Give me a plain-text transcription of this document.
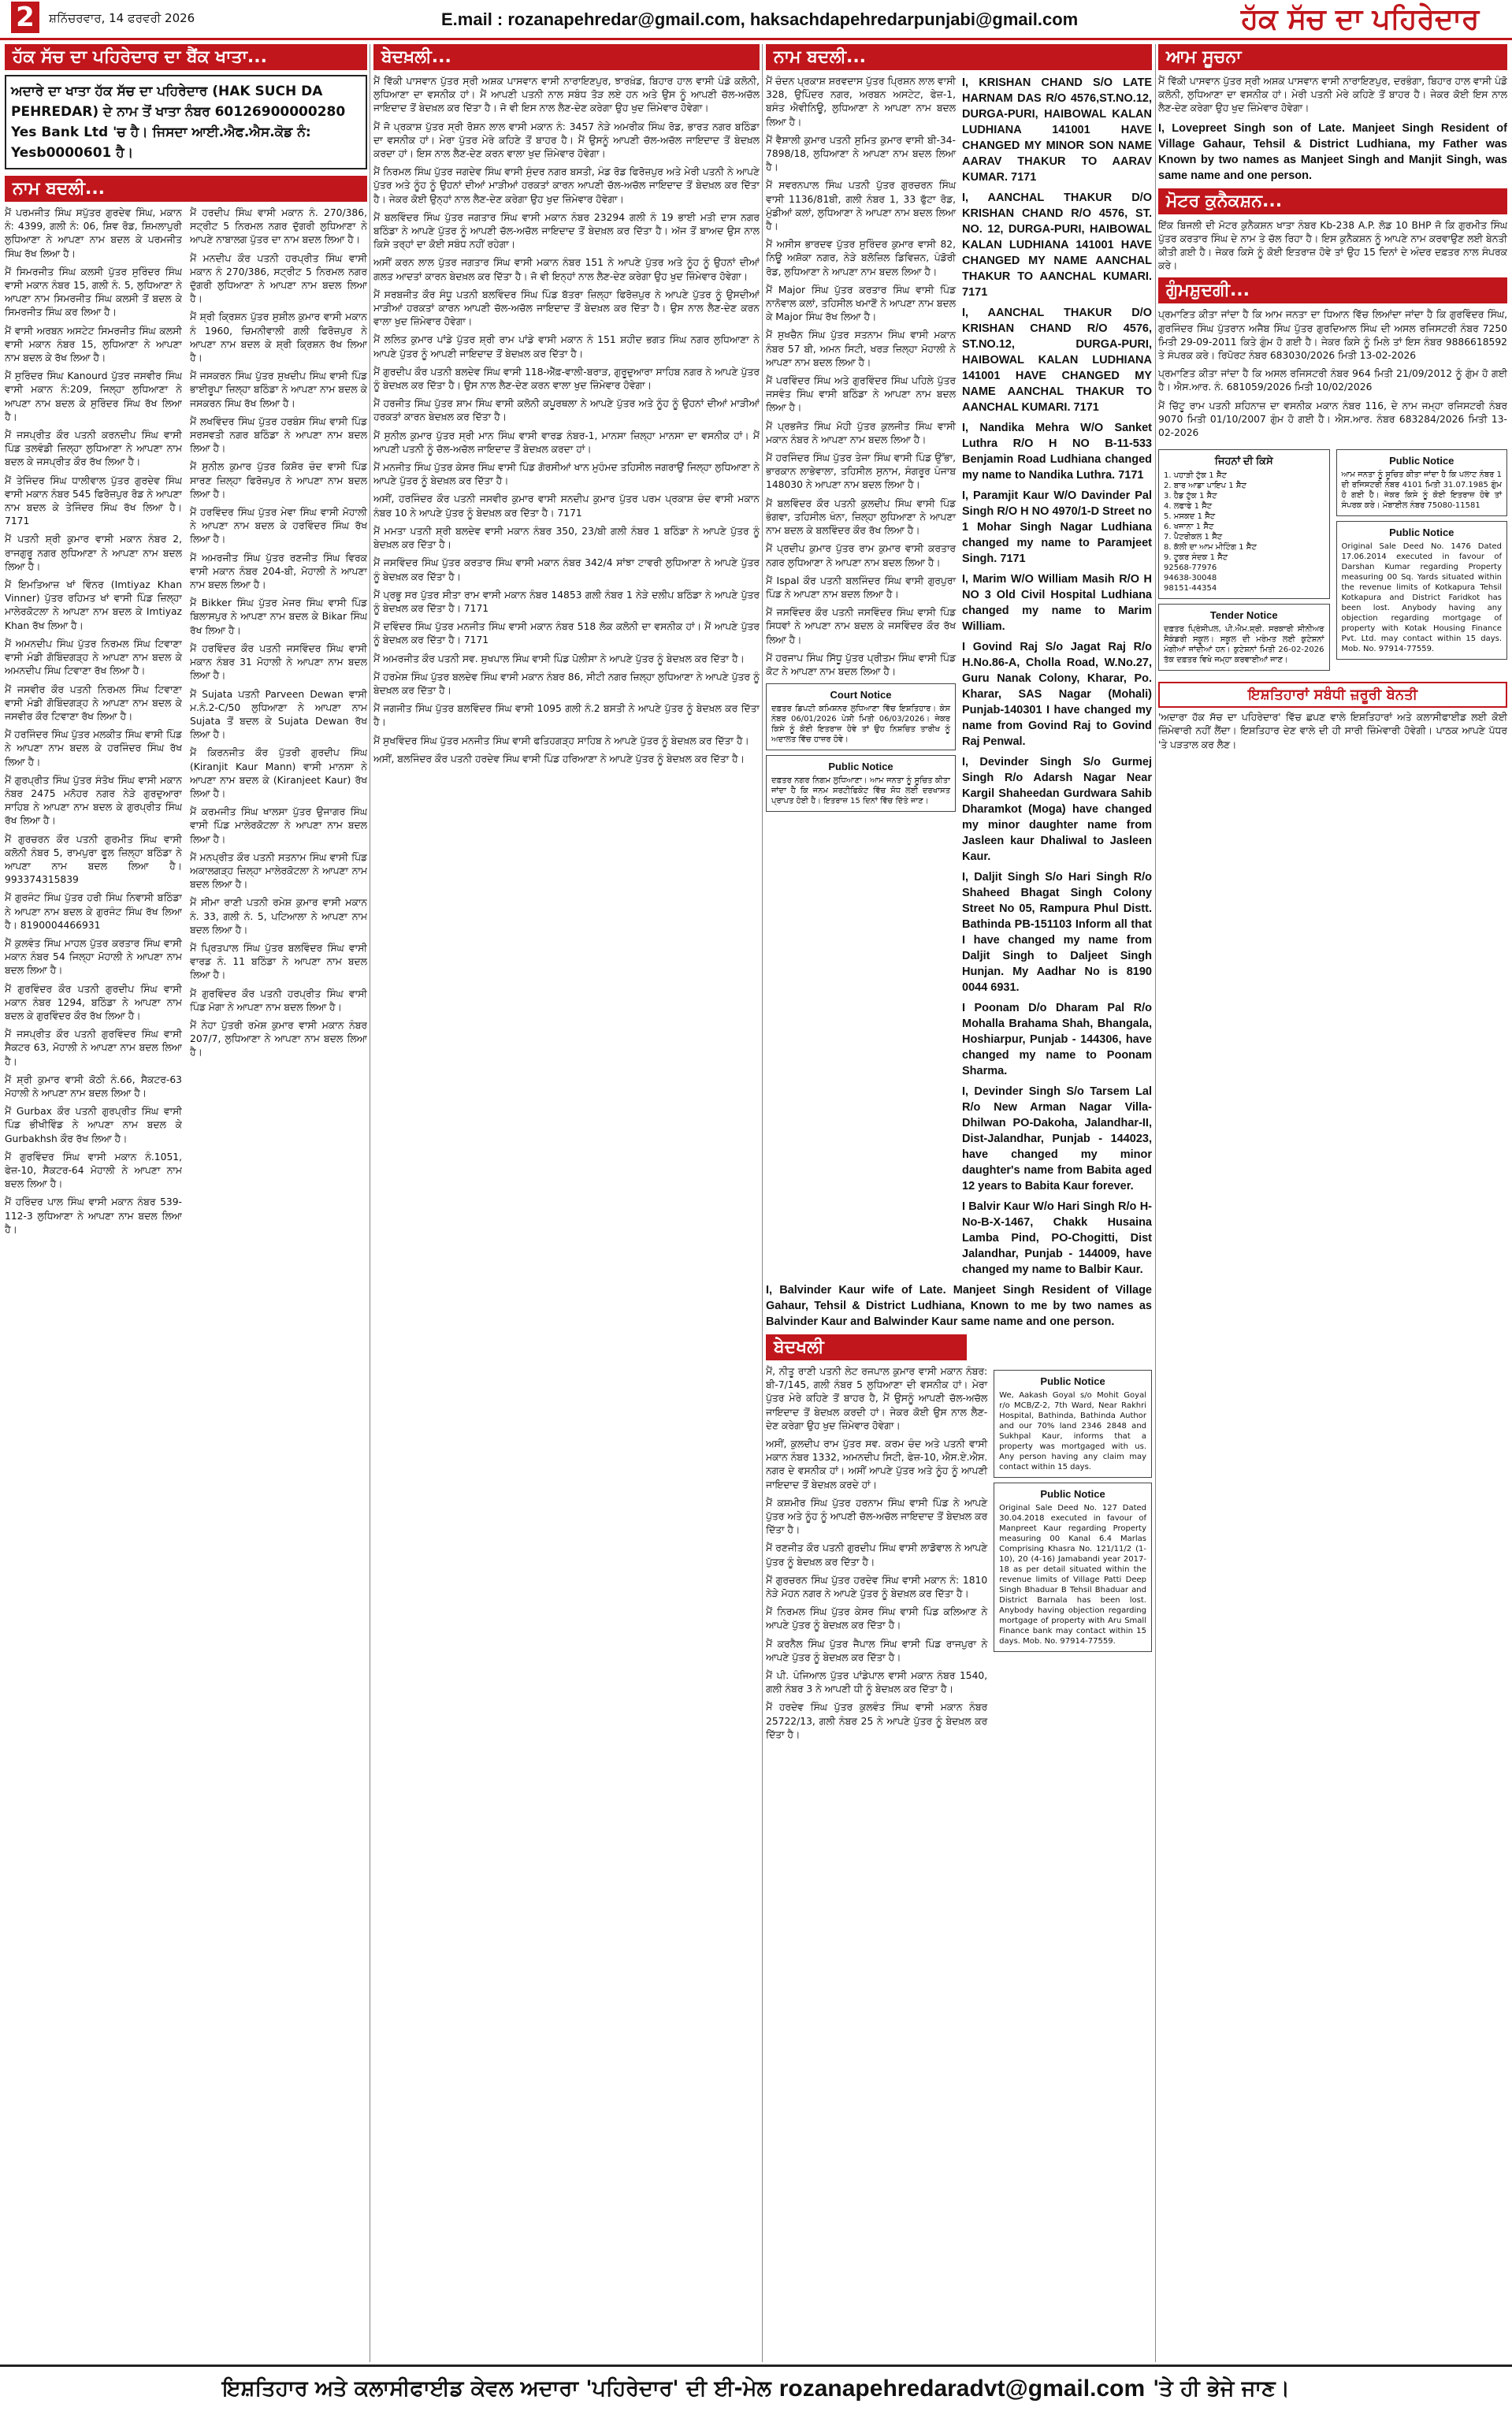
2	ਸ਼ਨਿੱਚਰਵਾਰ, 14 ਫਰਵਰੀ 2026	E.mail : rozanapehredar@gmail.com, haksachdapehredarpunjabi@gmail.com	ਹੱਕ ਸੱਚ ਦਾ ਪਹਿਰੇਦਾਰ
ਹੱਕ ਸੱਚ ਦਾ ਪਹਿਰੇਦਾਰ ਦਾ ਬੈਂਕ ਖਾਤਾ...
ਅਦਾਰੇ ਦਾ ਖਾਤਾ ਹੱਕ ਸੱਚ ਦਾ ਪਹਿਰੇਦਾਰ (HAK SUCH DA PEHREDAR) ਦੇ ਨਾਮ ਤੋਂ ਖਾਤਾ ਨੰਬਰ 60126900000280 Yes Bank Ltd 'ਚ ਹੈ। ਜਿਸਦਾ ਆਈ.ਐਫ.ਐਸ.ਕੋਡ ਨੰ: Yesb0000601 ਹੈ।
ਨਾਮ ਬਦਲੀ...

ਮੈਂ ਪਰਮਜੀਤ ਸਿੰਘ ਸਪੁੱਤਰ ਗੁਰਦੇਵ ਸਿੰਘ, ਮਕਾਨ ਨੰ: 4399, ਗਲੀ ਨੰ: 06, ਸ਼ਿਵ ਰੋਡ, ਸ਼ਿਮਲਾਪੁਰੀ ਲੁਧਿਆਣਾ ਨੇ ਆਪਣਾ ਨਾਮ ਬਦਲ ਕੇ ਪਰਮਜੀਤ ਸਿੰਘ ਰੱਖ ਲਿਆ ਹੈ।

ਮੈਂ ਸਿਮਰਜੀਤ ਸਿੰਘ ਕਲਸੀ ਪੁੱਤਰ ਸੁਰਿੰਦਰ ਸਿੰਘ ਵਾਸੀ ਮਕਾਨ ਨੰਬਰ 15, ਗਲੀ ਨੰ. 5, ਲੁਧਿਆਣਾ ਨੇ ਆਪਣਾ ਨਾਮ ਸਿਮਰਜੀਤ ਸਿੰਘ ਕਲਸੀ ਤੋਂ ਬਦਲ ਕੇ ਸਿਮਰਜੀਤ ਸਿੰਘ ਕਰ ਲਿਆ ਹੈ।

ਮੈਂ ਵਾਸੀ ਅਰਬਨ ਅਸਟੇਟ ਸਿਮਰਜੀਤ ਸਿੰਘ ਕਲਸੀ ਵਾਸੀ ਮਕਾਨ ਨੰਬਰ 15, ਲੁਧਿਆਣਾ ਨੇ ਆਪਣਾ ਨਾਮ ਬਦਲ ਕੇ ਰੱਖ ਲਿਆ ਹੈ।

ਮੈਂ ਸੁਰਿੰਦਰ ਸਿੰਘ Kanourd ਪੁੱਤਰ ਜਸਵੀਰ ਸਿੰਘ ਵਾਸੀ ਮਕਾਨ ਨੰ:209, ਜਿਲ੍ਹਾ ਲੁਧਿਆਣਾ ਨੇ ਆਪਣਾ ਨਾਮ ਬਦਲ ਕੇ ਸੁਰਿੰਦਰ ਸਿੰਘ ਰੱਖ ਲਿਆ ਹੈ।

ਮੈਂ ਜਸਪ੍ਰੀਤ ਕੌਰ ਪਤਨੀ ਕਰਨਦੀਪ ਸਿੰਘ ਵਾਸੀ ਪਿੰਡ ਤਲਵੰਡੀ ਜ਼ਿਲ੍ਹਾ ਲੁਧਿਆਣਾ ਨੇ ਆਪਣਾ ਨਾਮ ਬਦਲ ਕੇ ਜਸਪ੍ਰੀਤ ਕੌਰ ਰੱਖ ਲਿਆ ਹੈ।

ਮੈਂ ਤੇਜਿੰਦਰ ਸਿੰਘ ਧਾਲੀਵਾਲ ਪੁੱਤਰ ਗੁਰਦੇਵ ਸਿੰਘ ਵਾਸੀ ਮਕਾਨ ਨੰਬਰ 545 ਫਿਰੋਜ਼ਪੁਰ ਰੋਡ ਨੇ ਆਪਣਾ ਨਾਮ ਬਦਲ ਕੇ ਤੇਜਿੰਦਰ ਸਿੰਘ ਰੱਖ ਲਿਆ ਹੈ। 7171

ਮੈਂ ਪਤਨੀ ਸ਼੍ਰੀ ਕੁਮਾਰ ਵਾਸੀ ਮਕਾਨ ਨੰਬਰ 2, ਰਾਜਗੁਰੂ ਨਗਰ ਲੁਧਿਆਣਾ ਨੇ ਆਪਣਾ ਨਾਮ ਬਦਲ ਲਿਆ ਹੈ।

ਮੈਂ ਇਮਤਿਆਜ਼ ਖਾਂ ਵਿੰਨਰ (Imtiyaz Khan Vinner) ਪੁੱਤਰ ਰਹਿਮਤ ਖਾਂ ਵਾਸੀ ਪਿੰਡ ਜ਼ਿਲ੍ਹਾ ਮਾਲੇਰਕੋਟਲਾ ਨੇ ਆਪਣਾ ਨਾਮ ਬਦਲ ਕੇ Imtiyaz Khan ਰੱਖ ਲਿਆ ਹੈ।

ਮੈਂ ਅਮਨਦੀਪ ਸਿੰਘ ਪੁੱਤਰ ਨਿਰਮਲ ਸਿੰਘ ਟਿਵਾਣਾ ਵਾਸੀ ਮੰਡੀ ਗੋਬਿੰਦਗੜ੍ਹ ਨੇ ਆਪਣਾ ਨਾਮ ਬਦਲ ਕੇ ਅਮਨਦੀਪ ਸਿੰਘ ਟਿਵਾਣਾ ਰੱਖ ਲਿਆ ਹੈ।

ਮੈਂ ਜਸਵੀਰ ਕੌਰ ਪਤਨੀ ਨਿਰਮਲ ਸਿੰਘ ਟਿਵਾਣਾ ਵਾਸੀ ਮੰਡੀ ਗੋਬਿੰਦਗੜ੍ਹ ਨੇ ਆਪਣਾ ਨਾਮ ਬਦਲ ਕੇ ਜਸਵੀਰ ਕੌਰ ਟਿਵਾਣਾ ਰੱਖ ਲਿਆ ਹੈ।

ਮੈਂ ਹਰਜਿੰਦਰ ਸਿੰਘ ਪੁੱਤਰ ਮਲਕੀਤ ਸਿੰਘ ਵਾਸੀ ਪਿੰਡ ਨੇ ਆਪਣਾ ਨਾਮ ਬਦਲ ਕੇ ਹਰਜਿੰਦਰ ਸਿੰਘ ਰੱਖ ਲਿਆ ਹੈ।

ਮੈਂ ਗੁਰਪ੍ਰੀਤ ਸਿੰਘ ਪੁੱਤਰ ਸੰਤੋਖ ਸਿੰਘ ਵਾਸੀ ਮਕਾਨ ਨੰਬਰ 2475 ਮਨੋਹਰ ਨਗਰ ਨੇੜੇ ਗੁਰਦੁਆਰਾ ਸਾਹਿਬ ਨੇ ਆਪਣਾ ਨਾਮ ਬਦਲ ਕੇ ਗੁਰਪ੍ਰੀਤ ਸਿੰਘ ਰੱਖ ਲਿਆ ਹੈ।

ਮੈਂ ਗੁਰਚਰਨ ਕੌਰ ਪਤਨੀ ਗੁਰਮੀਤ ਸਿੰਘ ਵਾਸੀ ਕਲੋਨੀ ਨੰਬਰ 5, ਰਾਮਪੁਰਾ ਫੂਲ ਜ਼ਿਲ੍ਹਾ ਬਠਿੰਡਾ ਨੇ ਆਪਣਾ ਨਾਮ ਬਦਲ ਲਿਆ ਹੈ। 993374315839

ਮੈਂ ਗੁਰਜੰਟ ਸਿੰਘ ਪੁੱਤਰ ਹਰੀ ਸਿੰਘ ਨਿਵਾਸੀ ਬਠਿੰਡਾ ਨੇ ਆਪਣਾ ਨਾਮ ਬਦਲ ਕੇ ਗੁਰਜੰਟ ਸਿੰਘ ਰੱਖ ਲਿਆ ਹੈ। 8190004466931

ਮੈਂ ਕੁਲਵੰਤ ਸਿੰਘ ਮਾਹਲ ਪੁੱਤਰ ਕਰਤਾਰ ਸਿੰਘ ਵਾਸੀ ਮਕਾਨ ਨੰਬਰ 54 ਜਿਲ੍ਹਾ ਮੋਹਾਲੀ ਨੇ ਆਪਣਾ ਨਾਮ ਬਦਲ ਲਿਆ ਹੈ।

ਮੈਂ ਗੁਰਵਿੰਦਰ ਕੌਰ ਪਤਨੀ ਗੁਰਦੀਪ ਸਿੰਘ ਵਾਸੀ ਮਕਾਨ ਨੰਬਰ 1294, ਬਠਿੰਡਾ ਨੇ ਆਪਣਾ ਨਾਮ ਬਦਲ ਕੇ ਗੁਰਵਿੰਦਰ ਕੌਰ ਰੱਖ ਲਿਆ ਹੈ।

ਮੈਂ ਜਸਪ੍ਰੀਤ ਕੌਰ ਪਤਨੀ ਗੁਰਵਿੰਦਰ ਸਿੰਘ ਵਾਸੀ ਸੈਕਟਰ 63, ਮੋਹਾਲੀ ਨੇ ਆਪਣਾ ਨਾਮ ਬਦਲ ਲਿਆ ਹੈ।

ਮੈਂ ਸ਼੍ਰੀ ਕੁਮਾਰ ਵਾਸੀ ਕੋਠੀ ਨੰ.66, ਸੈਕਟਰ-63 ਮੋਹਾਲੀ ਨੇ ਆਪਣਾ ਨਾਮ ਬਦਲ ਲਿਆ ਹੈ।

ਮੈਂ Gurbax ਕੌਰ ਪਤਨੀ ਗੁਰਪ੍ਰੀਤ ਸਿੰਘ ਵਾਸੀ ਪਿੰਡ ਭੀਖੀਵਿੰਡ ਨੇ ਆਪਣਾ ਨਾਮ ਬਦਲ ਕੇ Gurbakhsh ਕੌਰ ਰੱਖ ਲਿਆ ਹੈ।

ਮੈਂ ਗੁਰਵਿੰਦਰ ਸਿੰਘ ਵਾਸੀ ਮਕਾਨ ਨੰ.1051, ਫੇਜ਼-10, ਸੈਕਟਰ-64 ਮੋਹਾਲੀ ਨੇ ਆਪਣਾ ਨਾਮ ਬਦਲ ਲਿਆ ਹੈ।

ਮੈਂ ਹਰਿੰਦਰ ਪਾਲ ਸਿੰਘ ਵਾਸੀ ਮਕਾਨ ਨੰਬਰ 539-112-3 ਲੁਧਿਆਣਾ ਨੇ ਆਪਣਾ ਨਾਮ ਬਦਲ ਲਿਆ ਹੈ।

ਮੈਂ ਹਰਦੀਪ ਸਿੰਘ ਵਾਸੀ ਮਕਾਨ ਨੰ. 270/386, ਸਟ੍ਰੀਟ 5 ਨਿਰਮਲ ਨਗਰ ਦੁੱਗਰੀ ਲੁਧਿਆਣਾ ਨੇ ਆਪਣੇ ਨਾਬਾਲਗ ਪੁੱਤਰ ਦਾ ਨਾਮ ਬਦਲ ਲਿਆ ਹੈ।

ਮੈਂ ਮਨਦੀਪ ਕੌਰ ਪਤਨੀ ਹਰਪ੍ਰੀਤ ਸਿੰਘ ਵਾਸੀ ਮਕਾਨ ਨੰ 270/386, ਸਟ੍ਰੀਟ 5 ਨਿਰਮਲ ਨਗਰ ਦੁੱਗਰੀ ਲੁਧਿਆਣਾ ਨੇ ਆਪਣਾ ਨਾਮ ਬਦਲ ਲਿਆ ਹੈ।

ਮੈਂ ਸ਼੍ਰੀ ਕ੍ਰਿਸ਼ਨ ਪੁੱਤਰ ਸੁਸ਼ੀਲ ਕੁਮਾਰ ਵਾਸੀ ਮਕਾਨ ਨੰ 1960, ਚਿਮਨੀਵਾਲੀ ਗਲੀ ਫਿਰੋਜ਼ਪੁਰ ਨੇ ਆਪਣਾ ਨਾਮ ਬਦਲ ਕੇ ਸ਼੍ਰੀ ਕ੍ਰਿਸ਼ਨ ਰੱਖ ਲਿਆ ਹੈ।

ਮੈਂ ਜਸਕਰਨ ਸਿੰਘ ਪੁੱਤਰ ਸੁਖਦੀਪ ਸਿੰਘ ਵਾਸੀ ਪਿੰਡ ਭਾਈਰੂਪਾ ਜ਼ਿਲ੍ਹਾ ਬਠਿੰਡਾ ਨੇ ਆਪਣਾ ਨਾਮ ਬਦਲ ਕੇ ਜਸਕਰਨ ਸਿੰਘ ਰੱਖ ਲਿਆ ਹੈ।

ਮੈਂ ਲਖਵਿੰਦਰ ਸਿੰਘ ਪੁੱਤਰ ਹਰਬੰਸ ਸਿੰਘ ਵਾਸੀ ਪਿੰਡ ਸਰਸਵਤੀ ਨਗਰ ਬਠਿੰਡਾ ਨੇ ਆਪਣਾ ਨਾਮ ਬਦਲ ਲਿਆ ਹੈ।

ਮੈਂ ਸੁਨੀਲ ਕੁਮਾਰ ਪੁੱਤਰ ਕਿਸ਼ੋਰ ਚੰਦ ਵਾਸੀ ਪਿੰਡ ਸਾਰਣ ਜ਼ਿਲ੍ਹਾ ਫਿਰੋਜ਼ਪੁਰ ਨੇ ਆਪਣਾ ਨਾਮ ਬਦਲ ਲਿਆ ਹੈ।

ਮੈਂ ਹਰਵਿੰਦਰ ਸਿੰਘ ਪੁੱਤਰ ਮੇਵਾ ਸਿੰਘ ਵਾਸੀ ਮੋਹਾਲੀ ਨੇ ਆਪਣਾ ਨਾਮ ਬਦਲ ਕੇ ਹਰਵਿੰਦਰ ਸਿੰਘ ਰੱਖ ਲਿਆ ਹੈ।

ਮੈਂ ਅਮਰਜੀਤ ਸਿੰਘ ਪੁੱਤਰ ਰਣਜੀਤ ਸਿੰਘ ਵਿਰਕ ਵਾਸੀ ਮਕਾਨ ਨੰਬਰ 204-ਬੀ, ਮੋਹਾਲੀ ਨੇ ਆਪਣਾ ਨਾਮ ਬਦਲ ਲਿਆ ਹੈ।

ਮੈਂ Bikker ਸਿੰਘ ਪੁੱਤਰ ਮੇਜਰ ਸਿੰਘ ਵਾਸੀ ਪਿੰਡ ਬਿਲਾਸਪੁਰ ਨੇ ਆਪਣਾ ਨਾਮ ਬਦਲ ਕੇ Bikar ਸਿੰਘ ਰੱਖ ਲਿਆ ਹੈ।

ਮੈਂ ਹਰਵਿੰਦਰ ਕੌਰ ਪਤਨੀ ਜਸਵਿੰਦਰ ਸਿੰਘ ਵਾਸੀ ਮਕਾਨ ਨੰਬਰ 31 ਮੋਹਾਲੀ ਨੇ ਆਪਣਾ ਨਾਮ ਬਦਲ ਲਿਆ ਹੈ।

ਮੈਂ Sujata ਪਤਨੀ Parveen Dewan ਵਾਸੀ ਮ.ਨੰ.2-C/50 ਲੁਧਿਆਣਾ ਨੇ ਆਪਣਾ ਨਾਮ Sujata ਤੋਂ ਬਦਲ ਕੇ Sujata Dewan ਰੱਖ ਲਿਆ ਹੈ।

ਮੈਂ ਕਿਰਨਜੀਤ ਕੌਰ ਪੁੱਤਰੀ ਗੁਰਦੀਪ ਸਿੰਘ (Kiranjit Kaur Mann) ਵਾਸੀ ਮਾਨਸਾ ਨੇ ਆਪਣਾ ਨਾਮ ਬਦਲ ਕੇ (Kiranjeet Kaur) ਰੱਖ ਲਿਆ ਹੈ।

ਮੈਂ ਕਰਮਜੀਤ ਸਿੰਘ ਖਾਲਸਾ ਪੁੱਤਰ ਉਜਾਗਰ ਸਿੰਘ ਵਾਸੀ ਪਿੰਡ ਮਾਲੇਰਕੋਟਲਾ ਨੇ ਆਪਣਾ ਨਾਮ ਬਦਲ ਲਿਆ ਹੈ।

ਮੈਂ ਮਨਪ੍ਰੀਤ ਕੌਰ ਪਤਨੀ ਸਤਨਾਮ ਸਿੰਘ ਵਾਸੀ ਪਿੰਡ ਅਕਾਲਗੜ੍ਹ ਜ਼ਿਲ੍ਹਾ ਮਾਲੇਰਕੋਟਲਾ ਨੇ ਆਪਣਾ ਨਾਮ ਬਦਲ ਲਿਆ ਹੈ।

ਮੈਂ ਸੀਮਾ ਰਾਣੀ ਪਤਨੀ ਰਮੇਸ਼ ਕੁਮਾਰ ਵਾਸੀ ਮਕਾਨ ਨੰ. 33, ਗਲੀ ਨੰ. 5, ਪਟਿਆਲਾ ਨੇ ਆਪਣਾ ਨਾਮ ਬਦਲ ਲਿਆ ਹੈ।

ਮੈਂ ਪ੍ਰਿਤਪਾਲ ਸਿੰਘ ਪੁੱਤਰ ਬਲਵਿੰਦਰ ਸਿੰਘ ਵਾਸੀ ਵਾਰਡ ਨੰ. 11 ਬਠਿੰਡਾ ਨੇ ਆਪਣਾ ਨਾਮ ਬਦਲ ਲਿਆ ਹੈ।

ਮੈਂ ਗੁਰਵਿੰਦਰ ਕੌਰ ਪਤਨੀ ਹਰਪ੍ਰੀਤ ਸਿੰਘ ਵਾਸੀ ਪਿੰਡ ਮੋਗਾ ਨੇ ਆਪਣਾ ਨਾਮ ਬਦਲ ਲਿਆ ਹੈ।

ਮੈਂ ਨੇਹਾ ਪੁੱਤਰੀ ਰਮੇਸ਼ ਕੁਮਾਰ ਵਾਸੀ ਮਕਾਨ ਨੰਬਰ 207/7, ਲੁਧਿਆਣਾ ਨੇ ਆਪਣਾ ਨਾਮ ਬਦਲ ਲਿਆ ਹੈ।

ਬੇਦਖ਼ਲੀ...

ਮੈਂ ਵਿੱਕੀ ਪਾਸਵਾਨ ਪੁੱਤਰ ਸ੍ਰੀ ਅਸ਼ਕ ਪਾਸਵਾਨ ਵਾਸੀ ਨਾਰਾਇਣਪੁਰ, ਝਾਰਖ਼ੰਡ, ਬਿਹਾਰ ਹਾਲ ਵਾਸੀ ਪੰਡੋ ਕਲੋਨੀ, ਲੁਧਿਆਣਾ ਦਾ ਵਸਨੀਕ ਹਾਂ। ਮੈਂ ਆਪਣੀ ਪਤਨੀ ਨਾਲ ਸਬੰਧ ਤੋੜ ਲਏ ਹਨ ਅਤੇ ਉਸ ਨੂੰ ਆਪਣੀ ਚੱਲ-ਅਚੱਲ ਜਾਇਦਾਦ ਤੋਂ ਬੇਦਖ਼ਲ ਕਰ ਦਿੱਤਾ ਹੈ। ਜੋ ਵੀ ਇਸ ਨਾਲ ਲੈਣ-ਦੇਣ ਕਰੇਗਾ ਉਹ ਖੁਦ ਜ਼ਿੰਮੇਵਾਰ ਹੋਵੇਗਾ।

ਮੈਂ ਜੋ ਪ੍ਰਕਾਸ਼ ਪੁੱਤਰ ਸ੍ਰੀ ਰੋਸ਼ਨ ਲਾਲ ਵਾਸੀ ਮਕਾਨ ਨੰ: 3457 ਨੇੜੇ ਅਮਰੀਕ ਸਿੰਘ ਰੋਡ, ਭਾਰਤ ਨਗਰ ਬਠਿੰਡਾ ਦਾ ਵਸਨੀਕ ਹਾਂ। ਮੇਰਾ ਪੁੱਤਰ ਮੇਰੇ ਕਹਿਣੇ ਤੋਂ ਬਾਹਰ ਹੈ। ਮੈਂ ਉਸਨੂੰ ਆਪਣੀ ਚੱਲ-ਅਚੱਲ ਜਾਇਦਾਦ ਤੋਂ ਬੇਦਖ਼ਲ ਕਰਦਾ ਹਾਂ। ਇਸ ਨਾਲ ਲੈਣ-ਦੇਣ ਕਰਨ ਵਾਲਾ ਖੁਦ ਜ਼ਿੰਮੇਵਾਰ ਹੋਵੇਗਾ।

ਮੈਂ ਨਿਰਮਲ ਸਿੰਘ ਪੁੱਤਰ ਜਗਦੇਵ ਸਿੰਘ ਵਾਸੀ ਸੁੰਦਰ ਨਗਰ ਬਸਤੀ, ਮੰਡ ਰੋਡ ਫਿਰੋਜ਼ਪੁਰ ਅਤੇ ਮੇਰੀ ਪਤਨੀ ਨੇ ਆਪਣੇ ਪੁੱਤਰ ਅਤੇ ਨੂੰਹ ਨੂੰ ਉਹਨਾਂ ਦੀਆਂ ਮਾੜੀਆਂ ਹਰਕਤਾਂ ਕਾਰਨ ਆਪਣੀ ਚੱਲ-ਅਚੱਲ ਜਾਇਦਾਦ ਤੋਂ ਬੇਦਖ਼ਲ ਕਰ ਦਿੱਤਾ ਹੈ। ਜੇਕਰ ਕੋਈ ਉਨ੍ਹਾਂ ਨਾਲ ਲੈਣ-ਦੇਣ ਕਰੇਗਾ ਉਹ ਖੁਦ ਜ਼ਿੰਮੇਵਾਰ ਹੋਵੇਗਾ।

ਮੈਂ ਬਲਵਿੰਦਰ ਸਿੰਘ ਪੁੱਤਰ ਜਗਤਾਰ ਸਿੰਘ ਵਾਸੀ ਮਕਾਨ ਨੰਬਰ 23294 ਗਲੀ ਨੰ 19 ਭਾਈ ਮਤੀ ਦਾਸ ਨਗਰ ਬਠਿੰਡਾ ਨੇ ਆਪਣੇ ਪੁੱਤਰ ਨੂੰ ਆਪਣੀ ਚੱਲ-ਅਚੱਲ ਜਾਇਦਾਦ ਤੋਂ ਬੇਦਖ਼ਲ ਕਰ ਦਿੱਤਾ ਹੈ। ਅੱਜ ਤੋਂ ਬਾਅਦ ਉਸ ਨਾਲ ਕਿਸੇ ਤਰ੍ਹਾਂ ਦਾ ਕੋਈ ਸਬੰਧ ਨਹੀਂ ਰਹੇਗਾ।

ਅਸੀਂ ਕਰਨ ਲਾਲ ਪੁੱਤਰ ਜਗਤਾਰ ਸਿੰਘ ਵਾਸੀ ਮਕਾਨ ਨੰਬਰ 151 ਨੇ ਆਪਣੇ ਪੁੱਤਰ ਅਤੇ ਨੂੰਹ ਨੂੰ ਉਹਨਾਂ ਦੀਆਂ ਗਲਤ ਆਦਤਾਂ ਕਾਰਨ ਬੇਦਖ਼ਲ ਕਰ ਦਿੱਤਾ ਹੈ। ਜੋ ਵੀ ਇਨ੍ਹਾਂ ਨਾਲ ਲੈਣ-ਦੇਣ ਕਰੇਗਾ ਉਹ ਖੁਦ ਜ਼ਿੰਮੇਵਾਰ ਹੋਵੇਗਾ।

ਮੈਂ ਸਰਬਜੀਤ ਕੌਰ ਸੰਧੂ ਪਤਨੀ ਬਲਵਿੰਦਰ ਸਿੰਘ ਪਿੰਡ ਬੱਤਰਾ ਜ਼ਿਲ੍ਹਾ ਫਿਰੋਜ਼ਪੁਰ ਨੇ ਆਪਣੇ ਪੁੱਤਰ ਨੂੰ ਉਸਦੀਆਂ ਮਾੜੀਆਂ ਹਰਕਤਾਂ ਕਾਰਨ ਆਪਣੀ ਚੱਲ-ਅਚੱਲ ਜਾਇਦਾਦ ਤੋਂ ਬੇਦਖ਼ਲ ਕਰ ਦਿੱਤਾ ਹੈ। ਉਸ ਨਾਲ ਲੈਣ-ਦੇਣ ਕਰਨ ਵਾਲਾ ਖੁਦ ਜ਼ਿੰਮੇਵਾਰ ਹੋਵੇਗਾ।

ਮੈਂ ਲਲਿਤ ਕੁਮਾਰ ਪਾਂਡੇ ਪੁੱਤਰ ਸ਼੍ਰੀ ਰਾਮ ਪਾਂਡੇ ਵਾਸੀ ਮਕਾਨ ਨੰ 151 ਸ਼ਹੀਦ ਭਗਤ ਸਿੰਘ ਨਗਰ ਲੁਧਿਆਣਾ ਨੇ ਆਪਣੇ ਪੁੱਤਰ ਨੂੰ ਆਪਣੀ ਜਾਇਦਾਦ ਤੋਂ ਬੇਦਖ਼ਲ ਕਰ ਦਿੱਤਾ ਹੈ।

ਮੈਂ ਗੁਰਦੀਪ ਕੌਰ ਪਤਨੀ ਬਲਦੇਵ ਸਿੰਘ ਵਾਸੀ 118-ਐੱਫ਼-ਵਾਲੀ-ਬਰਾੜ, ਗੁਰੂਦੁਆਰਾ ਸਾਹਿਬ ਨਗਰ ਨੇ ਆਪਣੇ ਪੁੱਤਰ ਨੂੰ ਬੇਦਖ਼ਲ ਕਰ ਦਿੱਤਾ ਹੈ। ਉਸ ਨਾਲ ਲੈਣ-ਦੇਣ ਕਰਨ ਵਾਲਾ ਖੁਦ ਜ਼ਿੰਮੇਵਾਰ ਹੋਵੇਗਾ।

ਮੈਂ ਹਰਜੀਤ ਸਿੰਘ ਪੁੱਤਰ ਸ਼ਾਮ ਸਿੰਘ ਵਾਸੀ ਕਲੋਨੀ ਕਪੂਰਥਲਾ ਨੇ ਆਪਣੇ ਪੁੱਤਰ ਅਤੇ ਨੂੰਹ ਨੂੰ ਉਹਨਾਂ ਦੀਆਂ ਮਾੜੀਆਂ ਹਰਕਤਾਂ ਕਾਰਨ ਬੇਦਖ਼ਲ ਕਰ ਦਿੱਤਾ ਹੈ।

ਮੈਂ ਸੁਨੀਲ ਕੁਮਾਰ ਪੁੱਤਰ ਸ੍ਰੀ ਮਾਨ ਸਿੰਘ ਵਾਸੀ ਵਾਰਡ ਨੰਬਰ-1, ਮਾਨਸਾ ਜ਼ਿਲ੍ਹਾ ਮਾਨਸਾ ਦਾ ਵਸਨੀਕ ਹਾਂ। ਮੈਂ ਆਪਣੀ ਪਤਨੀ ਨੂੰ ਚੱਲ-ਅਚੱਲ ਜਾਇਦਾਦ ਤੋਂ ਬੇਦਖ਼ਲ ਕਰਦਾ ਹਾਂ।

ਮੈਂ ਮਨਜੀਤ ਸਿੰਘ ਪੁੱਤਰ ਕੇਸਰ ਸਿੰਘ ਵਾਸੀ ਪਿੰਡ ਗੋਰਸੀਆਂ ਖਾਨ ਮੁਹੰਮਦ ਤਹਿਸੀਲ ਜਗਰਾਉਂ ਜਿਲ੍ਹਾ ਲੁਧਿਆਣਾ ਨੇ ਆਪਣੇ ਪੁੱਤਰ ਨੂੰ ਬੇਦਖ਼ਲ ਕਰ ਦਿੱਤਾ ਹੈ।

ਅਸੀਂ, ਹਰਜਿੰਦਰ ਕੌਰ ਪਤਨੀ ਜਸਵੀਰ ਕੁਮਾਰ ਵਾਸੀ ਸਨਦੀਪ ਕੁਮਾਰ ਪੁੱਤਰ ਪਰਮ ਪ੍ਰਕਾਸ਼ ਚੰਦ ਵਾਸੀ ਮਕਾਨ ਨੰਬਰ 10 ਨੇ ਆਪਣੇ ਪੁੱਤਰ ਨੂੰ ਬੇਦਖ਼ਲ ਕਰ ਦਿੱਤਾ ਹੈ। 7171

ਮੈਂ ਮਮਤਾ ਪਤਨੀ ਸ਼੍ਰੀ ਬਲਦੇਵ ਵਾਸੀ ਮਕਾਨ ਨੰਬਰ 350, 23/ਬੀ ਗਲੀ ਨੰਬਰ 1 ਬਠਿੰਡਾ ਨੇ ਆਪਣੇ ਪੁੱਤਰ ਨੂੰ ਬੇਦਖ਼ਲ ਕਰ ਦਿੱਤਾ ਹੈ।

ਮੈਂ ਜਸਵਿੰਦਰ ਸਿੰਘ ਪੁੱਤਰ ਕਰਤਾਰ ਸਿੰਘ ਵਾਸੀ ਮਕਾਨ ਨੰਬਰ 342/4 ਸਾਂਝਾ ਟਾਵਰੀ ਲੁਧਿਆਣਾ ਨੇ ਆਪਣੇ ਪੁੱਤਰ ਨੂੰ ਬੇਦਖ਼ਲ ਕਰ ਦਿੱਤਾ ਹੈ।

ਮੈਂ ਪ੍ਰਭੂ ਸਰ ਪੁੱਤਰ ਸੀਤਾ ਰਾਮ ਵਾਸੀ ਮਕਾਨ ਨੰਬਰ 14853 ਗਲੀ ਨੰਬਰ 1 ਨੇੜੇ ਦਲੀਪ ਬਠਿੰਡਾ ਨੇ ਆਪਣੇ ਪੁੱਤਰ ਨੂੰ ਬੇਦਖ਼ਲ ਕਰ ਦਿੱਤਾ ਹੈ। 7171

ਮੈਂ ਦਵਿੰਦਰ ਸਿੰਘ ਪੁੱਤਰ ਮਨਜੀਤ ਸਿੰਘ ਵਾਸੀ ਮਕਾਨ ਨੰਬਰ 518 ਲੋਕ ਕਲੋਨੀ ਦਾ ਵਸਨੀਕ ਹਾਂ। ਮੈਂ ਆਪਣੇ ਪੁੱਤਰ ਨੂੰ ਬੇਦਖ਼ਲ ਕਰ ਦਿੱਤਾ ਹੈ। 7171

ਮੈਂ ਅਮਰਜੀਤ ਕੌਰ ਪਤਨੀ ਸਵ. ਸੁਖਪਾਲ ਸਿੰਘ ਵਾਸੀ ਪਿੰਡ ਪੋਲੀਸਾ ਨੇ ਆਪਣੇ ਪੁੱਤਰ ਨੂੰ ਬੇਦਖ਼ਲ ਕਰ ਦਿੱਤਾ ਹੈ।

ਮੈਂ ਹਰਮੇਸ਼ ਸਿੰਘ ਪੁੱਤਰ ਬਲਦੇਵ ਸਿੰਘ ਵਾਸੀ ਮਕਾਨ ਨੰਬਰ 86, ਸੀਟੀ ਨਗਰ ਜ਼ਿਲ੍ਹਾ ਲੁਧਿਆਣਾ ਨੇ ਆਪਣੇ ਪੁੱਤਰ ਨੂੰ ਬੇਦਖ਼ਲ ਕਰ ਦਿੱਤਾ ਹੈ।

ਮੈਂ ਜਗਜੀਤ ਸਿੰਘ ਪੁੱਤਰ ਬਲਵਿੰਦਰ ਸਿੰਘ ਵਾਸੀ 1095 ਗਲੀ ਨੰ.2 ਬਸਤੀ ਨੇ ਆਪਣੇ ਪੁੱਤਰ ਨੂੰ ਬੇਦਖ਼ਲ ਕਰ ਦਿੱਤਾ ਹੈ।

ਮੈਂ ਸੁਖਵਿੰਦਰ ਸਿੰਘ ਪੁੱਤਰ ਮਨਜੀਤ ਸਿੰਘ ਵਾਸੀ ਫਤਿਹਗੜ੍ਹ ਸਾਹਿਬ ਨੇ ਆਪਣੇ ਪੁੱਤਰ ਨੂੰ ਬੇਦਖ਼ਲ ਕਰ ਦਿੱਤਾ ਹੈ।

ਅਸੀਂ, ਬਲਜਿੰਦਰ ਕੌਰ ਪਤਨੀ ਹਰਦੇਵ ਸਿੰਘ ਵਾਸੀ ਪਿੰਡ ਹਰਿਆਣਾ ਨੇ ਆਪਣੇ ਪੁੱਤਰ ਨੂੰ ਬੇਦਖ਼ਲ ਕਰ ਦਿੱਤਾ ਹੈ।

ਨਾਮ ਬਦਲੀ...

ਮੈਂ ਚੰਦਨ ਪ੍ਰਕਾਸ਼ ਸ਼ਰਵਦਾਸ ਪੁੱਤਰ ਪ੍ਰਿਸ਼ਨ ਲਾਲ ਵਾਸੀ 328, ਉਪਿੰਦਰ ਨਗਰ, ਅਰਬਨ ਅਸਟੇਟ, ਫੇਜ਼-1, ਬਸੰਤ ਐਵੀਨਿਊ, ਲੁਧਿਆਣਾ ਨੇ ਆਪਣਾ ਨਾਮ ਬਦਲ ਲਿਆ ਹੈ।

ਮੈਂ ਵੈਸ਼ਾਲੀ ਕੁਮਾਰ ਪਤਨੀ ਸੁਮਿਤ ਕੁਮਾਰ ਵਾਸੀ ਬੀ-34-7898/18, ਲੁਧਿਆਣਾ ਨੇ ਆਪਣਾ ਨਾਮ ਬਦਲ ਲਿਆ ਹੈ।

ਮੈਂ ਸਵਰਨਪਾਲ ਸਿੰਘ ਪਤਨੀ ਪੁੱਤਰ ਗੁਰਚਰਨ ਸਿੰਘ ਵਾਸੀ 1136/81ਬੀ, ਗਲੀ ਨੰਬਰ 1, 33 ਫੁੱਟਾ ਰੋਡ, ਮੁੰਡੀਆਂ ਕਲਾਂ, ਲੁਧਿਆਣਾ ਨੇ ਆਪਣਾ ਨਾਮ ਬਦਲ ਲਿਆ ਹੈ।

ਮੈਂ ਅਸੀਸ ਭਾਰਦਵ ਪੁੱਤਰ ਸੁਰਿੰਦਰ ਕੁਮਾਰ ਵਾਸੀ 82, ਨਿਊ ਅਸ਼ੋਕਾ ਨਗਰ, ਨੇੜੇ ਬਲੋਜ਼ਿਲ ਡਿਵਿਜ਼ਨ, ਪੰਡੋਰੀ ਰੋਡ, ਲੁਧਿਆਣਾ ਨੇ ਆਪਣਾ ਨਾਮ ਬਦਲ ਲਿਆ ਹੈ।

ਮੈਂ Major ਸਿੰਘ ਪੁੱਤਰ ਕਰਤਾਰ ਸਿੰਘ ਵਾਸੀ ਪਿੰਡ ਨਾਨੋਵਾਲ ਕਲਾਂ, ਤਹਿਸੀਲ ਖਮਾਣੋਂ ਨੇ ਆਪਣਾ ਨਾਮ ਬਦਲ ਕੇ Major ਸਿੰਘ ਰੱਖ ਲਿਆ ਹੈ।

ਮੈਂ ਸੁਖਚੈਨ ਸਿੰਘ ਪੁੱਤਰ ਸਤਨਾਮ ਸਿੰਘ ਵਾਸੀ ਮਕਾਨ ਨੰਬਰ 57 ਬੀ, ਅਮਨ ਸਿਟੀ, ਖਰੜ ਜ਼ਿਲ੍ਹਾ ਮੋਹਾਲੀ ਨੇ ਆਪਣਾ ਨਾਮ ਬਦਲ ਲਿਆ ਹੈ।

ਮੈਂ ਪਰਵਿੰਦਰ ਸਿੰਘ ਅਤੇ ਗੁਰਵਿੰਦਰ ਸਿੰਘ ਪਹਿਲੇ ਪੁੱਤਰ ਜਸਵੰਤ ਸਿੰਘ ਵਾਸੀ ਬਠਿੰਡਾ ਨੇ ਆਪਣਾ ਨਾਮ ਬਦਲ ਲਿਆ ਹੈ।

ਮੈਂ ਪ੍ਰਭਜੋਤ ਸਿੰਘ ਮੋਹੀ ਪੁੱਤਰ ਕੁਲਜੀਤ ਸਿੰਘ ਵਾਸੀ ਮਕਾਨ ਨੰਬਰ ਨੇ ਆਪਣਾ ਨਾਮ ਬਦਲ ਲਿਆ ਹੈ।

ਮੈਂ ਹਰਜਿੰਦਰ ਸਿੰਘ ਪੁੱਤਰ ਤੇਜਾ ਸਿੰਘ ਵਾਸੀ ਪਿੰਡ ਉੱਭਾ, ਭਾਰਕਾਨ ਲਾਭੇਵਾਲਾ, ਤਹਿਸੀਲ ਸੁਨਾਮ, ਸੰਗਰੂਰ ਪੰਜਾਬ 148030 ਨੇ ਆਪਣਾ ਨਾਮ ਬਦਲ ਲਿਆ ਹੈ।

ਮੈਂ ਬਲਵਿੰਦਰ ਕੌਰ ਪਤਨੀ ਕੁਲਦੀਪ ਸਿੰਘ ਵਾਸੀ ਪਿੰਡ ਭੰਗਵਾ, ਤਹਿਸੀਲ ਖੰਨਾ, ਜ਼ਿਲ੍ਹਾ ਲੁਧਿਆਣਾ ਨੇ ਆਪਣਾ ਨਾਮ ਬਦਲ ਕੇ ਬਲਵਿੰਦਰ ਕੌਰ ਰੱਖ ਲਿਆ ਹੈ।

ਮੈਂ ਪ੍ਰਦੀਪ ਕੁਮਾਰ ਪੁੱਤਰ ਰਾਮ ਕੁਮਾਰ ਵਾਸੀ ਕਰਤਾਰ ਨਗਰ ਲੁਧਿਆਣਾ ਨੇ ਆਪਣਾ ਨਾਮ ਬਦਲ ਲਿਆ ਹੈ।

ਮੈਂ Ispal ਕੌਰ ਪਤਨੀ ਬਲਜਿੰਦਰ ਸਿੰਘ ਵਾਸੀ ਗੁਰਪੁਰਾ ਪਿੰਡ ਨੇ ਆਪਣਾ ਨਾਮ ਬਦਲ ਲਿਆ ਹੈ।

ਮੈਂ ਜਸਵਿੰਦਰ ਕੌਰ ਪਤਨੀ ਜਸਵਿੰਦਰ ਸਿੰਘ ਵਾਸੀ ਪਿੰਡ ਸਿਧਵਾਂ ਨੇ ਆਪਣਾ ਨਾਮ ਬਦਲ ਕੇ ਜਸਵਿੰਦਰ ਕੌਰ ਰੱਖ ਲਿਆ ਹੈ।

ਮੈਂ ਹਰਜਾਪ ਸਿੰਘ ਸਿੱਧੂ ਪੁੱਤਰ ਪ੍ਰੀਤਮ ਸਿੰਘ ਵਾਸੀ ਪਿੰਡ ਕੋਟ ਨੇ ਆਪਣਾ ਨਾਮ ਬਦਲ ਲਿਆ ਹੈ।

Court Notice
ਦਫ਼ਤਰ ਡਿਪਟੀ ਕਮਿਸ਼ਨਰ ਲੁਧਿਆਣਾ ਵਿੱਚ ਇਸ਼ਤਿਹਾਰ। ਕੇਸ ਨੰਬਰ 06/01/2026 ਪੇਸ਼ੀ ਮਿਤੀ 06/03/2026। ਜੇਕਰ ਕਿਸੇ ਨੂੰ ਕੋਈ ਇਤਰਾਜ਼ ਹੋਵੇ ਤਾਂ ਉਹ ਨਿਸ਼ਚਿਤ ਤਾਰੀਖ ਨੂੰ ਅਦਾਲਤ ਵਿੱਚ ਹਾਜ਼ਰ ਹੋਵੇ।
Public Notice
ਦਫ਼ਤਰ ਨਗਰ ਨਿਗਮ ਲੁਧਿਆਣਾ। ਆਮ ਜਨਤਾ ਨੂੰ ਸੂਚਿਤ ਕੀਤਾ ਜਾਂਦਾ ਹੈ ਕਿ ਜਨਮ ਸਰਟੀਫਿਕੇਟ ਵਿੱਚ ਸੋਧ ਲਈ ਦਰਖਾਸਤ ਪ੍ਰਾਪਤ ਹੋਈ ਹੈ। ਇਤਰਾਜ਼ 15 ਦਿਨਾਂ ਵਿੱਚ ਦਿੱਤੇ ਜਾਣ।

I, KRISHAN CHAND S/O LATE HARNAM DAS R/O 4576,ST.NO.12, DURGA-PURI, HAIBOWAL KALAN LUDHIANA 141001 HAVE CHANGED MY MINOR SON NAME AARAV THAKUR TO AARAV KUMAR. 7171

I, AANCHAL THAKUR D/O KRISHAN CHAND R/O 4576, ST. NO. 12, DURGA-PURI, HAIBOWAL KALAN LUDHIANA 141001 HAVE CHANGED MY NAME AANCHAL THAKUR TO AANCHAL KUMARI. 7171

I, AANCHAL THAKUR D/O KRISHAN CHAND R/O 4576, ST.NO.12, DURGA-PURI, HAIBOWAL KALAN LUDHIANA 141001 HAVE CHANGED MY NAME AANCHAL THAKUR TO AANCHAL KUMARI. 7171

I, Nandika Mehra W/O Sanket Luthra R/O H NO B-11-533 Benjamin Road Ludhiana changed my name to Nandika Luthra. 7171

I, Paramjit Kaur W/O Davinder Pal Singh R/O H NO 4970/1-D Street no 1 Mohar Singh Nagar Ludhiana changed my name to Paramjeet Singh. 7171

I, Marim W/O William Masih R/O H NO 3 Old Civil Hospital Ludhiana changed my name to Marim William.

I Govind Raj S/o Jagat Raj R/o H.No.86-A, Cholla Road, W.No.27, Guru Nanak Colony, Kharar, Po. Kharar, SAS Nagar (Mohali) Punjab-140301 I have changed my name from Govind Raj to Govind Raj Penwal.

I, Devinder Singh S/o Gurmej Singh R/o Adarsh Nagar Near Kargil Shaheedan Gurdwara Sahib Dharamkot (Moga) have changed my minor daughter name from Jasleen kaur Dhaliwal to Jasleen Kaur.

I, Daljit Singh S/o Hari Singh R/o Shaheed Bhagat Singh Colony Street No 05, Rampura Phul Distt. Bathinda PB-151103 Inform all that I have changed my name from Daljit Singh to Daljeet Singh Hunjan. My Aadhar No is 8190 0044 6931.

I Poonam D/o Dharam Pal R/o Mohalla Brahama Shah, Bhangala, Hoshiarpur, Punjab - 144306, have changed my name to Poonam Sharma.

I, Devinder Singh S/o Tarsem Lal R/o New Arman Nagar Villa-Dhilwan PO-Dakoha, Jalandhar-II, Dist-Jalandhar, Punjab - 144023, have changed my minor daughter's name from Babita aged 12 years to Babita Kaur forever.

I Balvir Kaur W/o Hari Singh R/o H-No-B-X-1467, Chakk Husaina Lamba Pind, PO-Chogitti, Dist Jalandhar, Punjab - 144009, have changed my name to Balbir Kaur.

I, Balvinder Kaur wife of Late. Manjeet Singh Resident of Village Gahaur, Tehsil & District Ludhiana, Known to me by two names as Balvinder Kaur and Balwinder Kaur same name and one person.

ਬੇਦਖਲੀ

ਮੈਂ, ਨੀਤੂ ਰਾਣੀ ਪਤਨੀ ਲੇਟ ਰਜਪਾਲ ਕੁਮਾਰ ਵਾਸੀ ਮਕਾਨ ਨੰਬਰ: ਬੀ-7/145, ਗਲੀ ਨੰਬਰ 5 ਲੁਧਿਆਣਾ ਦੀ ਵਸਨੀਕ ਹਾਂ। ਮੇਰਾ ਪੁੱਤਰ ਮੇਰੇ ਕਹਿਣੇ ਤੋਂ ਬਾਹਰ ਹੈ, ਮੈਂ ਉਸਨੂੰ ਆਪਣੀ ਚੱਲ-ਅਚੱਲ ਜਾਇਦਾਦ ਤੋਂ ਬੇਦਖ਼ਲ ਕਰਦੀ ਹਾਂ। ਜੇਕਰ ਕੋਈ ਉਸ ਨਾਲ ਲੈਣ-ਦੇਣ ਕਰੇਗਾ ਉਹ ਖੁਦ ਜ਼ਿੰਮੇਵਾਰ ਹੋਵੇਗਾ।

ਅਸੀਂ, ਕੁਲਦੀਪ ਰਾਮ ਪੁੱਤਰ ਸਵ. ਕਰਮ ਚੰਦ ਅਤੇ ਪਤਨੀ ਵਾਸੀ ਮਕਾਨ ਨੰਬਰ 1332, ਅਮਨਦੀਪ ਸਿਟੀ, ਫੇਜ਼-10, ਐਸ.ਏ.ਐਸ. ਨਗਰ ਦੇ ਵਸਨੀਕ ਹਾਂ। ਅਸੀਂ ਆਪਣੇ ਪੁੱਤਰ ਅਤੇ ਨੂੰਹ ਨੂੰ ਆਪਣੀ ਜਾਇਦਾਦ ਤੋਂ ਬੇਦਖ਼ਲ ਕਰਦੇ ਹਾਂ।

ਮੈਂ ਕਸ਼ਮੀਰ ਸਿੰਘ ਪੁੱਤਰ ਹਰਨਾਮ ਸਿੰਘ ਵਾਸੀ ਪਿੰਡ ਨੇ ਆਪਣੇ ਪੁੱਤਰ ਅਤੇ ਨੂੰਹ ਨੂੰ ਆਪਣੀ ਚੱਲ-ਅਚੱਲ ਜਾਇਦਾਦ ਤੋਂ ਬੇਦਖ਼ਲ ਕਰ ਦਿੱਤਾ ਹੈ।

ਮੈਂ ਰਣਜੀਤ ਕੌਰ ਪਤਨੀ ਗੁਰਦੀਪ ਸਿੰਘ ਵਾਸੀ ਲਾਡੋਵਾਲ ਨੇ ਆਪਣੇ ਪੁੱਤਰ ਨੂੰ ਬੇਦਖ਼ਲ ਕਰ ਦਿੱਤਾ ਹੈ।

ਮੈਂ ਗੁਰਚਰਨ ਸਿੰਘ ਪੁੱਤਰ ਹਰਦੇਵ ਸਿੰਘ ਵਾਸੀ ਮਕਾਨ ਨੰ: 1810 ਨੇੜੇ ਮੋਹਨ ਨਗਰ ਨੇ ਆਪਣੇ ਪੁੱਤਰ ਨੂੰ ਬੇਦਖ਼ਲ ਕਰ ਦਿੱਤਾ ਹੈ।

ਮੈਂ ਨਿਰਮਲ ਸਿੰਘ ਪੁੱਤਰ ਕੇਸਰ ਸਿੰਘ ਵਾਸੀ ਪਿੰਡ ਕਲਿਆਣ ਨੇ ਆਪਣੇ ਪੁੱਤਰ ਨੂੰ ਬੇਦਖ਼ਲ ਕਰ ਦਿੱਤਾ ਹੈ।

ਮੈਂ ਕਰਨੈਲ ਸਿੰਘ ਪੁੱਤਰ ਜੈਪਾਲ ਸਿੰਘ ਵਾਸੀ ਪਿੰਡ ਰਾਜਪੁਰਾ ਨੇ ਆਪਣੇ ਪੁੱਤਰ ਨੂੰ ਬੇਦਖ਼ਲ ਕਰ ਦਿੱਤਾ ਹੈ।

ਮੈਂ ਪੀ. ਪੰਜਿਆਲ ਪੁੱਤਰ ਪਾਂਡੇਪਾਲ ਵਾਸੀ ਮਕਾਨ ਨੰਬਰ 1540, ਗਲੀ ਨੰਬਰ 3 ਨੇ ਆਪਣੀ ਧੀ ਨੂੰ ਬੇਦਖ਼ਲ ਕਰ ਦਿੱਤਾ ਹੈ।

ਮੈਂ ਹਰਦੇਵ ਸਿੰਘ ਪੁੱਤਰ ਕੁਲਵੰਤ ਸਿੰਘ ਵਾਸੀ ਮਕਾਨ ਨੰਬਰ 25722/13, ਗਲੀ ਨੰਬਰ 25 ਨੇ ਆਪਣੇ ਪੁੱਤਰ ਨੂੰ ਬੇਦਖ਼ਲ ਕਰ ਦਿੱਤਾ ਹੈ।

Public Notice
We, Aakash Goyal s/o Mohit Goyal r/o MCB/Z-2, 7th Ward, Near Rakhri Hospital, Bathinda, Bathinda Author and our 70% land 2346 2848 and Sukhpal Kaur, informs that a property was mortgaged with us. Any person having any claim may contact within 15 days.
Public Notice
Original Sale Deed No. 127 Dated 30.04.2018 executed in favour of Manpreet Kaur regarding Property measuring 00 Kanal 6.4 Marlas Comprising Khasra No. 121/11/2 (1-10), 20 (4-16) Jamabandi year 2017-18 as per detail situated within the revenue limits of Village Patti Deep Singh Bhaduar B Tehsil Bhaduar and District Barnala has been lost. Anybody having objection regarding mortgage of property with Aru Small Finance bank may contact within 15 days. Mob. No. 97914-77559.
ਆਮ ਸੂਚਨਾ

ਮੈਂ ਵਿੱਕੀ ਪਾਸਵਾਨ ਪੁੱਤਰ ਸ੍ਰੀ ਅਸ਼ਕ ਪਾਸਵਾਨ ਵਾਸੀ ਨਾਰਾਇਣਪੁਰ, ਦਰਭੰਗਾ, ਬਿਹਾਰ ਹਾਲ ਵਾਸੀ ਪੰਡੋ ਕਲੋਨੀ, ਲੁਧਿਆਣਾ ਦਾ ਵਸਨੀਕ ਹਾਂ। ਮੇਰੀ ਪਤਨੀ ਮੇਰੇ ਕਹਿਣੇ ਤੋਂ ਬਾਹਰ ਹੈ। ਜੇਕਰ ਕੋਈ ਇਸ ਨਾਲ ਲੈਣ-ਦੇਣ ਕਰੇਗਾ ਉਹ ਖੁਦ ਜ਼ਿੰਮੇਵਾਰ ਹੋਵੇਗਾ।

I, Lovepreet Singh son of Late. Manjeet Singh Resident of Village Gahaur, Tehsil & District Ludhiana, my Father was Known by two names as Manjeet Singh and Manjit Singh, was same name and one person.

ਮੋਟਰ ਕੁਨੈਕਸ਼ਨ...

ਇੱਕ ਬਿਜਲੀ ਦੀ ਮੋਟਰ ਕੁਨੈਕਸ਼ਨ ਖਾਤਾ ਨੰਬਰ Kb-238 A.P. ਲੋਡ 10 BHP ਜੋ ਕਿ ਗੁਰਮੀਤ ਸਿੰਘ ਪੁੱਤਰ ਕਰਤਾਰ ਸਿੰਘ ਦੇ ਨਾਮ ਤੇ ਚੱਲ ਰਿਹਾ ਹੈ। ਇਸ ਕੁਨੈਕਸ਼ਨ ਨੂੰ ਆਪਣੇ ਨਾਮ ਕਰਵਾਉਣ ਲਈ ਬੇਨਤੀ ਕੀਤੀ ਗਈ ਹੈ। ਜੇਕਰ ਕਿਸੇ ਨੂੰ ਕੋਈ ਇਤਰਾਜ਼ ਹੋਵੇ ਤਾਂ ਉਹ 15 ਦਿਨਾਂ ਦੇ ਅੰਦਰ ਦਫ਼ਤਰ ਨਾਲ ਸੰਪਰਕ ਕਰੇ।

ਗੁੰਮਸ਼ੁਦਗੀ...

ਪ੍ਰਮਾਣਿਤ ਕੀਤਾ ਜਾਂਦਾ ਹੈ ਕਿ ਆਮ ਜਨਤਾ ਦਾ ਧਿਆਨ ਵਿੱਚ ਲਿਆਂਦਾ ਜਾਂਦਾ ਹੈ ਕਿ ਗੁਰਵਿੰਦਰ ਸਿੰਘ, ਗੁਰਜਿੰਦਰ ਸਿੰਘ ਪੁੱਤਰਾਨ ਅਜੈਬ ਸਿੰਘ ਪੁੱਤਰ ਗੁਰਦਿਆਲ ਸਿੰਘ ਦੀ ਅਸਲ ਰਜਿਸਟਰੀ ਨੰਬਰ 7250 ਮਿਤੀ 29-09-2011 ਕਿਤੇ ਗੁੰਮ ਹੋ ਗਈ ਹੈ। ਜੇਕਰ ਕਿਸੇ ਨੂੰ ਮਿਲੇ ਤਾਂ ਇਸ ਨੰਬਰ 9886618592 ਤੇ ਸੰਪਰਕ ਕਰੇ। ਰਿਪੋਰਟ ਨੰਬਰ 683030/2026 ਮਿਤੀ 13-02-2026

ਪ੍ਰਮਾਣਿਤ ਕੀਤਾ ਜਾਂਦਾ ਹੈ ਕਿ ਅਸਲ ਰਜਿਸਟਰੀ ਨੰਬਰ 964 ਮਿਤੀ 21/09/2012 ਨੂੰ ਗੁੰਮ ਹੋ ਗਈ ਹੈ। ਐਸ.ਆਰ. ਨੰ. 681059/2026 ਮਿਤੀ 10/02/2026

ਮੈਂ ਚਿੱਟੂ ਰਾਮ ਪਤਨੀ ਸ਼ਹਿਨਾਜ਼ ਦਾ ਵਸਨੀਕ ਮਕਾਨ ਨੰਬਰ 116, ਦੇ ਨਾਮ ਜਮ੍ਹਾ ਰਜਿਸਟਰੀ ਨੰਬਰ 9070 ਮਿਤੀ 01/10/2007 ਗੁੰਮ ਹੋ ਗਈ ਹੈ। ਐਸ.ਆਰ. ਨੰਬਰ 683284/2026 ਮਿਤੀ 13-02-2026

ਜਿਹਨਾਂ ਦੀ ਕਿਸੇ
1. ਪਹਾੜੀ ਟੁੱਕ 1 ਸੈੱਟ
2. ਬਾਰ ਆਡਾ ਪਾਇਪ 1 ਸੈੱਟ
3. ਹੈਡ ਟੁੱਕ 1 ਸੈੱਟ
4. ਲਫਾਫੇ 1 ਸੈੱਟ
5. ਮਸਕਦ 1 ਸੈੱਟ
6. ਖਜਾਨਾ 1 ਸੈੱਟ
7. ਪੈਟਰੀਕਲ 1 ਸੈੱਟ
8. ਕੱਲੀ ਦਾ ਆਮ ਮੀਟਿੰਗ 1 ਸੈੱਟ
9. ਟੂਕਰ ਸੰਦਕ 1 ਸੈੱਟ
92568-77976
94638-30048
98151-44354
Tender Notice
ਦਫ਼ਤਰ ਪ੍ਰਿੰਸੀਪਲ, ਪੀ.ਐਮ.ਸ਼੍ਰੀ. ਸਰਕਾਰੀ ਸੀਨੀਅਰ ਸੈਕੰਡਰੀ ਸਕੂਲ। ਸਕੂਲ ਦੀ ਮਰੰਮਤ ਲਈ ਕੁਟੇਸ਼ਨਾਂ ਮੰਗੀਆਂ ਜਾਂਦੀਆਂ ਹਨ। ਕੁਟੇਸ਼ਨਾਂ ਮਿਤੀ 26-02-2026 ਤੱਕ ਦਫ਼ਤਰ ਵਿਖੇ ਜਮ੍ਹਾ ਕਰਵਾਈਆਂ ਜਾਣ।
Public Notice
ਆਮ ਜਨਤਾ ਨੂੰ ਸੂਚਿਤ ਕੀਤਾ ਜਾਂਦਾ ਹੈ ਕਿ ਪਲਾਟ ਨੰਬਰ 1 ਦੀ ਰਜਿਸਟਰੀ ਨੰਬਰ 4101 ਮਿਤੀ 31.07.1985 ਗੁੰਮ ਹੋ ਗਈ ਹੈ। ਜੇਕਰ ਕਿਸੇ ਨੂੰ ਕੋਈ ਇਤਰਾਜ਼ ਹੋਵੇ ਤਾਂ ਸੰਪਰਕ ਕਰੇ। ਮੋਬਾਈਲ ਨੰਬਰ 75080-11581
Public Notice
Original Sale Deed No. 1476 Dated 17.06.2014 executed in favour of Darshan Kumar regarding Property measuring 00 Sq. Yards situated within the revenue limits of Kotkapura Tehsil Kotkapura and District Faridkot has been lost. Anybody having any objection regarding mortgage of property with Kotak Housing Finance Pvt. Ltd. may contact within 15 days. Mob. No. 97914-77559.
ਇਸ਼ਤਿਹਾਰਾਂ ਸਬੰਧੀ ਜ਼ਰੂਰੀ ਬੇਨਤੀ

'ਅਦਾਰਾ ਹੱਕ ਸੱਚ ਦਾ ਪਹਿਰੇਦਾਰ' ਵਿੱਚ ਛਪਣ ਵਾਲੇ ਇਸ਼ਤਿਹਾਰਾਂ ਅਤੇ ਕਲਾਸੀਫਾਈਡ ਲਈ ਕੋਈ ਜ਼ਿੰਮੇਵਾਰੀ ਨਹੀਂ ਲੈਂਦਾ। ਇਸ਼ਤਿਹਾਰ ਦੇਣ ਵਾਲੇ ਦੀ ਹੀ ਸਾਰੀ ਜ਼ਿੰਮੇਵਾਰੀ ਹੋਵੇਗੀ। ਪਾਠਕ ਆਪਣੇ ਪੱਧਰ 'ਤੇ ਪੜਤਾਲ ਕਰ ਲੈਣ।

ਇਸ਼ਤਿਹਾਰ ਅਤੇ ਕਲਾਸੀਫਾਈਡ ਕੇਵਲ ਅਦਾਰਾ 'ਪਹਿਰੇਦਾਰ' ਦੀ ਈ-ਮੇਲ rozanapehredaradvt@gmail.com 'ਤੇ ਹੀ ਭੇਜੇ ਜਾਣ।
